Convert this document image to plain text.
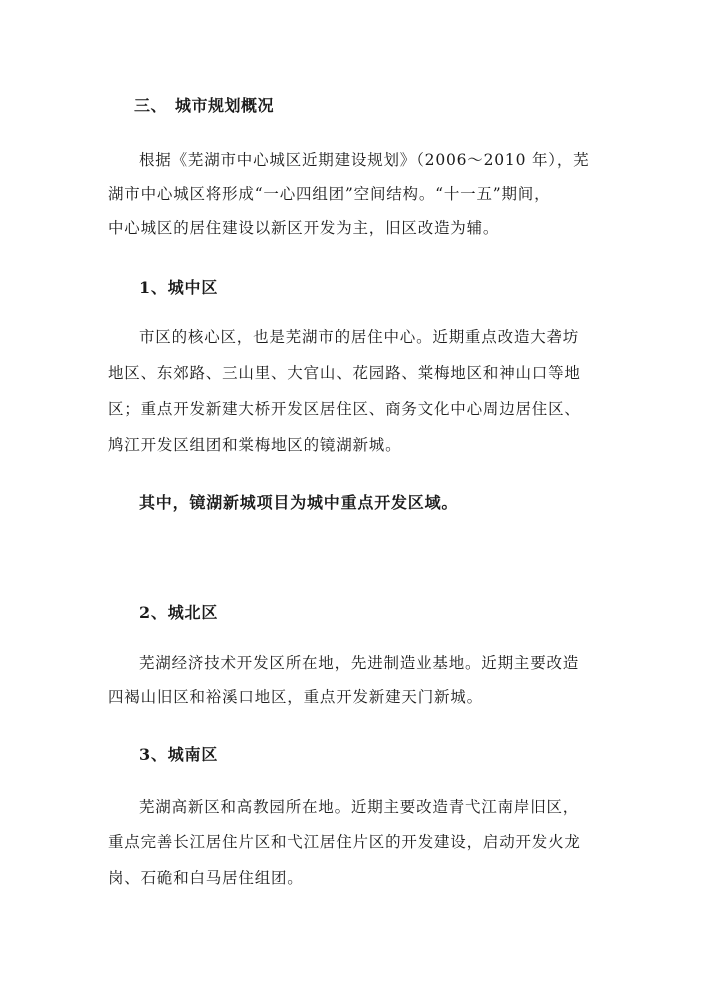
三、 城市规划概况
根据《芜湖市中心城区近期建设规划》（2006～2010 年），芜
湖市中心城区将形成“一心四组团”空间结构。“十一五”期间，
中心城区的居住建设以新区开发为主，旧区改造为辅。
1、城中区
市区的核心区，也是芜湖市的居住中心。近期重点改造大砻坊
地区、东郊路、三山里、大官山、花园路、棠梅地区和神山口等地
区；重点开发新建大桥开发区居住区、商务文化中心周边居住区、
鸠江开发区组团和棠梅地区的镜湖新城。
其中，镜湖新城项目为城中重点开发区域。
2、城北区
芜湖经济技术开发区所在地，先进制造业基地。近期主要改造
四褐山旧区和裕溪口地区，重点开发新建天门新城。
3、城南区
芜湖高新区和高教园所在地。近期主要改造青弋江南岸旧区，
重点完善长江居住片区和弋江居住片区的开发建设，启动开发火龙
岗、石硊和白马居住组团。
